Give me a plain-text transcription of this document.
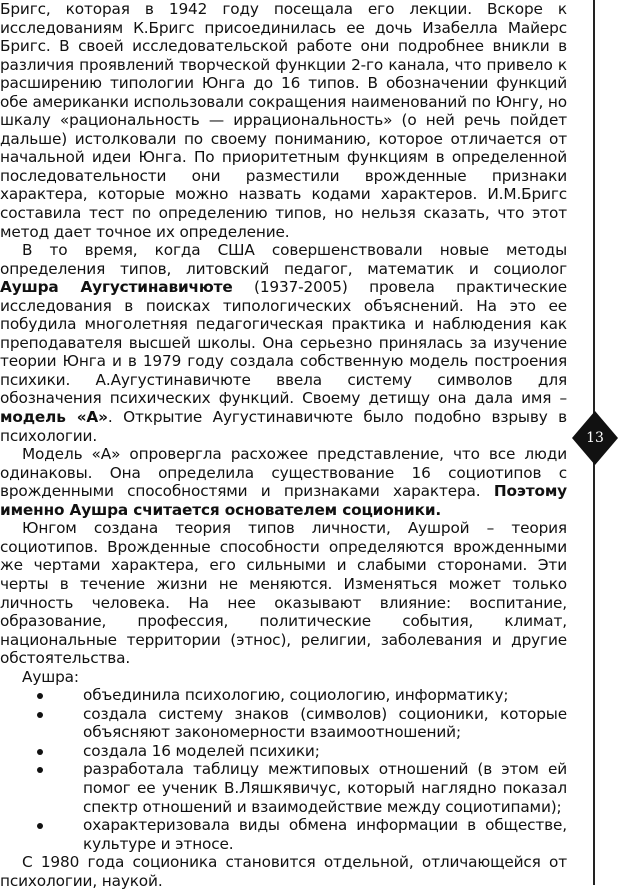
Бригс, которая в 1942 году посещала его лекции. Вскоре к исследованиям К.Бригс присоединилась ее дочь Изабелла Майерс Бригс. В своей исследовательской работе они подробнее вникли в различия проявлений творческой функции 2-го канала, что привело к расширению типологии Юнга до 16 типов. В обозначении функций обе американки использовали сокращения наименований по Юнгу, но шкалу «рациональность — иррациональность» (о ней речь пойдет дальше) истолковали по своему пониманию, которое отличается от начальной идеи Юнга. По приоритетным функциям в определенной последовательности они разместили врожденные признаки характера, которые можно назвать кодами характеров. И.М.Бригс составила тест по определению типов, но нельзя сказать, что этот метод дает точное их определение.

В то время, когда США совершенствовали новые методы определения типов, литовский педагог, математик и социолог Аушра Аугустинавичюте (1937-2005) провела практические исследования в поисках типологических объяснений. На это ее побудила многолетняя педагогическая практика и наблюдения как преподавателя высшей школы. Она серьезно принялась за изучение теории Юнга и в 1979 году создала собственную модель построения психики. А.Аугустинавичюте ввела систему символов для обозначения психических функций. Своему детищу она дала имя – модель «А». Открытие Аугустинавичюте было подобно взрыву в психологии.

Модель «А» опровергла расхожее представление, что все люди одинаковы. Она определила существование 16 социотипов с врожденными способностями и признаками характера. Поэтому именно Аушра считается основателем соционики.

Юнгом создана теория типов личности, Аушрой – теория социотипов. Врожденные способности определяются врожденными же чертами характера, его сильными и слабыми сторонами. Эти черты в течение жизни не меняются. Изменяться может только личность человека. На нее оказывают влияние: воспитание, образование, профессия, политические события, климат, национальные территории (этнос), религии, заболевания и другие обстоятельства.

Аушра:

объединила психологию, социологию, информатику;
создала систему знаков (символов) соционики, которые объясняют закономерности взаимоотношений;
создала 16 моделей психики;
разработала таблицу межтиповых отношений (в этом ей помог ее ученик В.Ляшкявичус, который наглядно показал спектр отношений и взаимодействие между социотипами);
охарактеризовала виды обмена информации в обществе, культуре и этносе.

С 1980 года соционика становится отдельной, отличающейся от психологии, наукой.

13
